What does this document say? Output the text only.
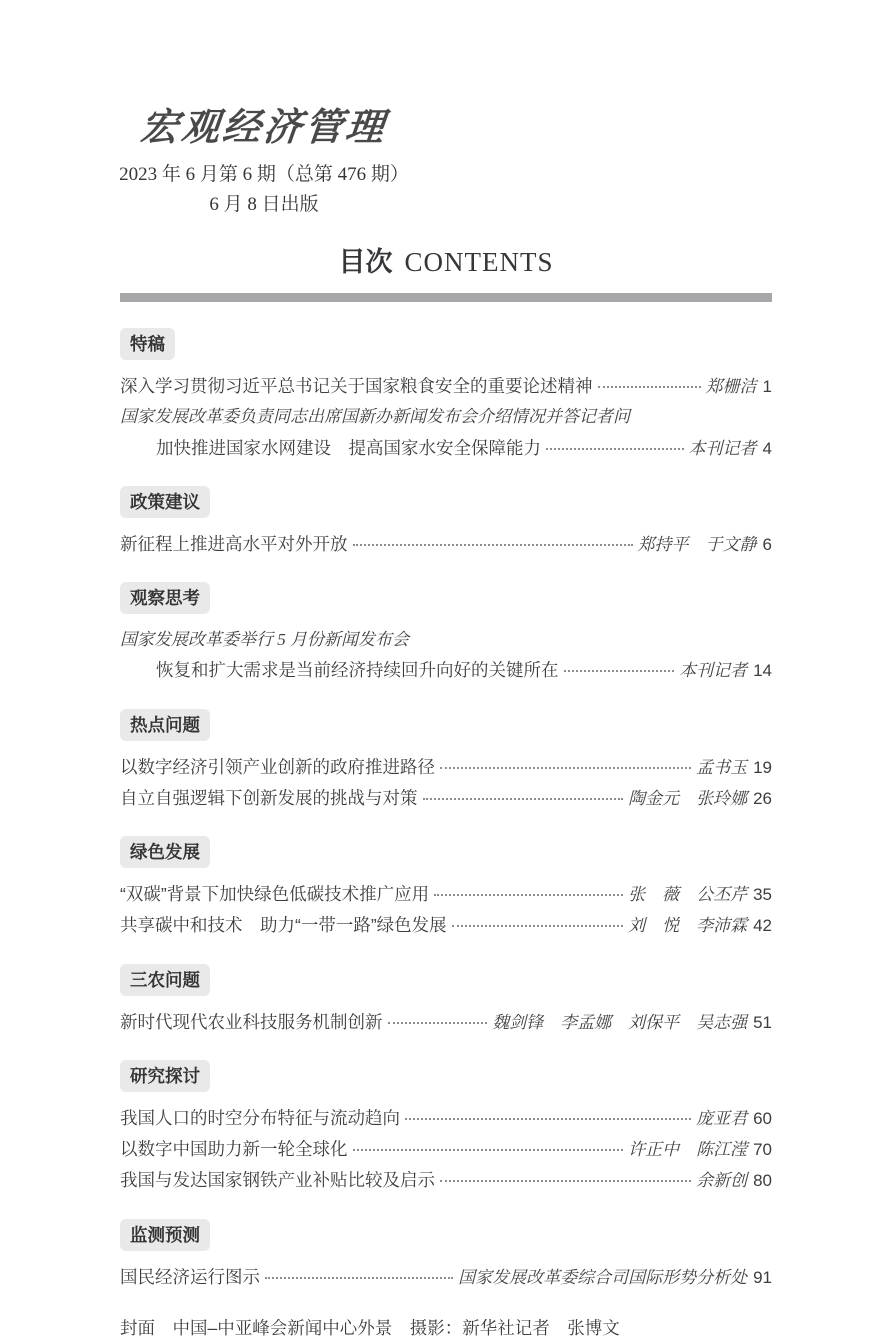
宏观经济管理
2023 年 6 月第 6 期（总第 476 期）
6 月 8 日出版
目次 CONTENTS
特稿
深入学习贯彻习近平总书记关于国家粮食安全的重要论述精神	郑栅洁 1
国家发展改革委负责同志出席国新办新闻发布会介绍情况并答记者问
加快推进国家水网建设　提高国家水安全保障能力	本刊记者 4
政策建议
新征程上推进高水平对外开放	郑持平　于文静 6
观察思考
国家发展改革委举行 5 月份新闻发布会
恢复和扩大需求是当前经济持续回升向好的关键所在	本刊记者 14
热点问题
以数字经济引领产业创新的政府推进路径	孟书玉 19
自立自强逻辑下创新发展的挑战与对策	陶金元　张玲娜 26
绿色发展
“双碳”背景下加快绿色低碳技术推广应用	张　薇　公丕芹 35
共享碳中和技术　助力“一带一路”绿色发展	刘　悦　李沛霖 42
三农问题
新时代现代农业科技服务机制创新	魏剑锋　李孟娜　刘保平　吴志强 51
研究探讨
我国人口的时空分布特征与流动趋向	庞亚君 60
以数字中国助力新一轮全球化	许正中　陈江滢 70
我国与发达国家钢铁产业补贴比较及启示	余新创 80
监测预测
国民经济运行图示	国家发展改革委综合司国际形势分析处 91
封面　中国–中亚峰会新闻中心外景　摄影：新华社记者　张博文
